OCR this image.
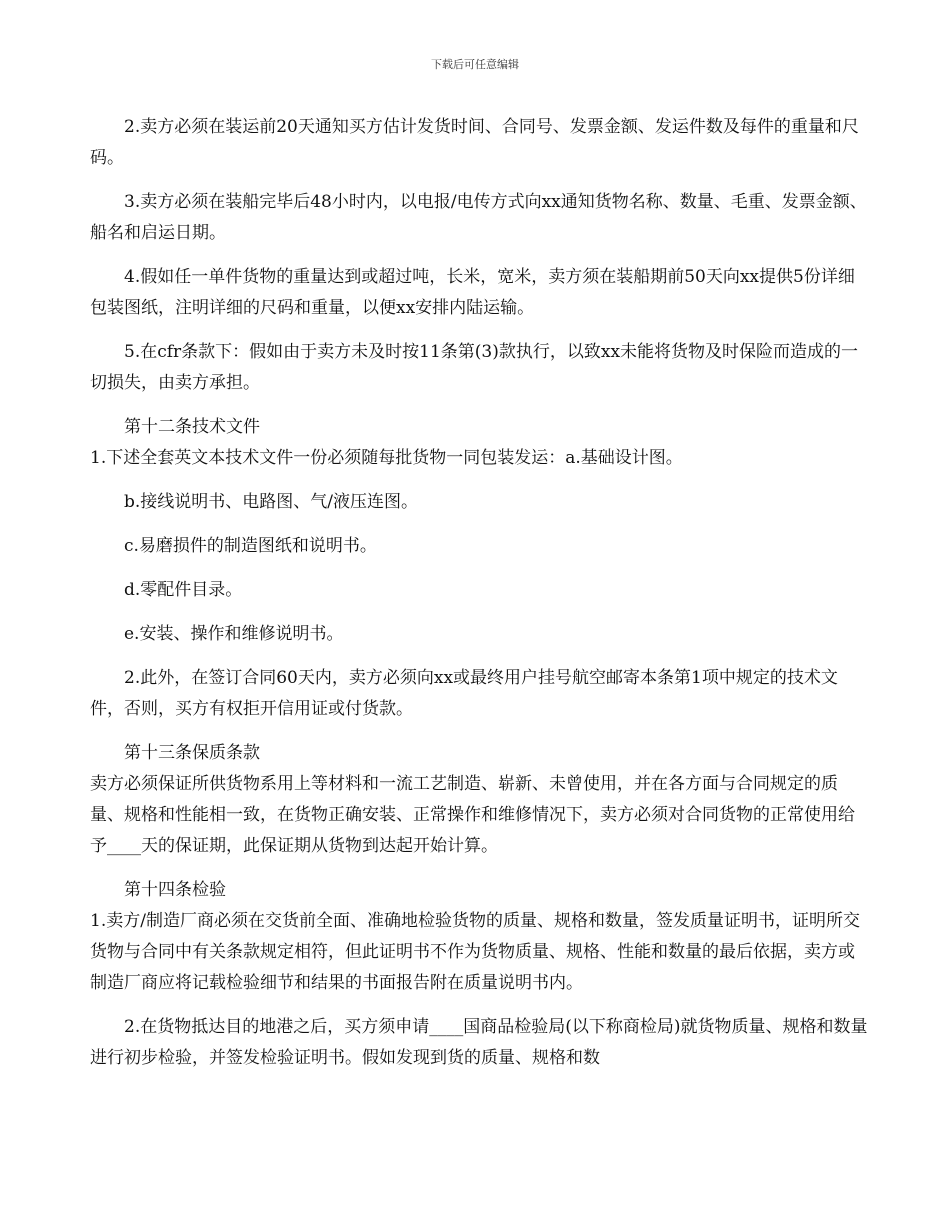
下载后可任意编辑

2.卖方必须在装运前20天通知买方估计发货时间、合同号、发票金额、发运件数及每件的重量和尺码。

3.卖方必须在装船完毕后48小时内，以电报/电传方式向xx通知货物名称、数量、毛重、发票金额、船名和启运日期。

4.假如任一单件货物的重量达到或超过吨，长米，宽米，卖方须在装船期前50天向xx提供5份详细包装图纸，注明详细的尺码和重量，以便xx安排内陆运输。

5.在cfr条款下：假如由于卖方未及时按11条第(3)款执行，以致xx未能将货物及时保险而造成的一切损失，由卖方承担。

第十二条技术文件

1.下述全套英文本技术文件一份必须随每批货物一同包装发运：a.基础设计图。

b.接线说明书、电路图、气/液压连图。

c.易磨损件的制造图纸和说明书。

d.零配件目录。

e.安装、操作和维修说明书。

2.此外，在签订合同60天内，卖方必须向xx或最终用户挂号航空邮寄本条第1项中规定的技术文件，否则，买方有权拒开信用证或付货款。

第十三条保质条款

卖方必须保证所供货物系用上等材料和一流工艺制造、崭新、未曾使用，并在各方面与合同规定的质量、规格和性能相一致，在货物正确安装、正常操作和维修情况下，卖方必须对合同货物的正常使用给予____天的保证期，此保证期从货物到达起开始计算。

第十四条检验

1.卖方/制造厂商必须在交货前全面、准确地检验货物的质量、规格和数量，签发质量证明书，证明所交货物与合同中有关条款规定相符，但此证明书不作为货物质量、规格、性能和数量的最后依据，卖方或制造厂商应将记载检验细节和结果的书面报告附在质量说明书内。

2.在货物抵达目的地港之后，买方须申请____国商品检验局(以下称商检局)就货物质量、规格和数量进行初步检验，并签发检验证明书。假如发现到货的质量、规格和数
